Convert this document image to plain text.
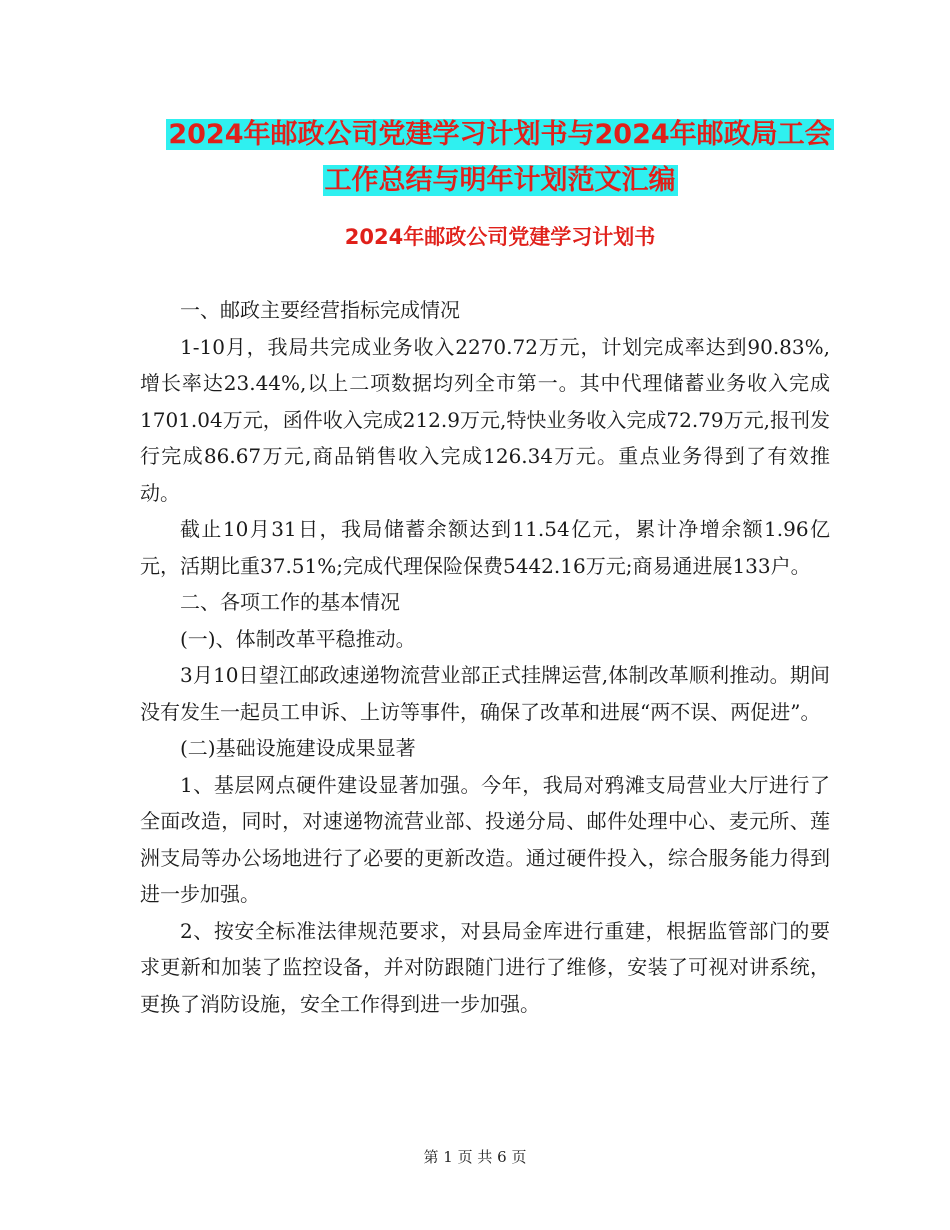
2024年邮政公司党建学习计划书与2024年邮政局工会
工作总结与明年计划范文汇编
2024年邮政公司党建学习计划书

一、邮政主要经营指标完成情况

1-10月，我局共完成业务收入2270.72万元，计划完成率达到90.83%,增长率达23.44%,以上二项数据均列全市第一。其中代理储蓄业务收入完成1701.04万元，函件收入完成212.9万元,特快业务收入完成72.79万元,报刊发行完成86.67万元,商品销售收入完成126.34万元。重点业务得到了有效推动。

截止10月31日，我局储蓄余额达到11.54亿元，累计净增余额1.96亿元，活期比重37.51%;完成代理保险保费5442.16万元;商易通进展133户。

二、各项工作的基本情况

(一)、体制改革平稳推动。

3月10日望江邮政速递物流营业部正式挂牌运营,体制改革顺利推动。期间没有发生一起员工申诉、上访等事件，确保了改革和进展“两不误、两促进”。

(二)基础设施建设成果显著

1、基层网点硬件建设显著加强。今年，我局对鸦滩支局营业大厅进行了全面改造，同时，对速递物流营业部、投递分局、邮件处理中心、麦元所、莲洲支局等办公场地进行了必要的更新改造。通过硬件投入，综合服务能力得到进一步加强。

2、按安全标准法律规范要求，对县局金库进行重建，根据监管部门的要求更新和加装了监控设备，并对防跟随门进行了维修，安装了可视对讲系统，更换了消防设施，安全工作得到进一步加强。

第 1 页 共 6 页
